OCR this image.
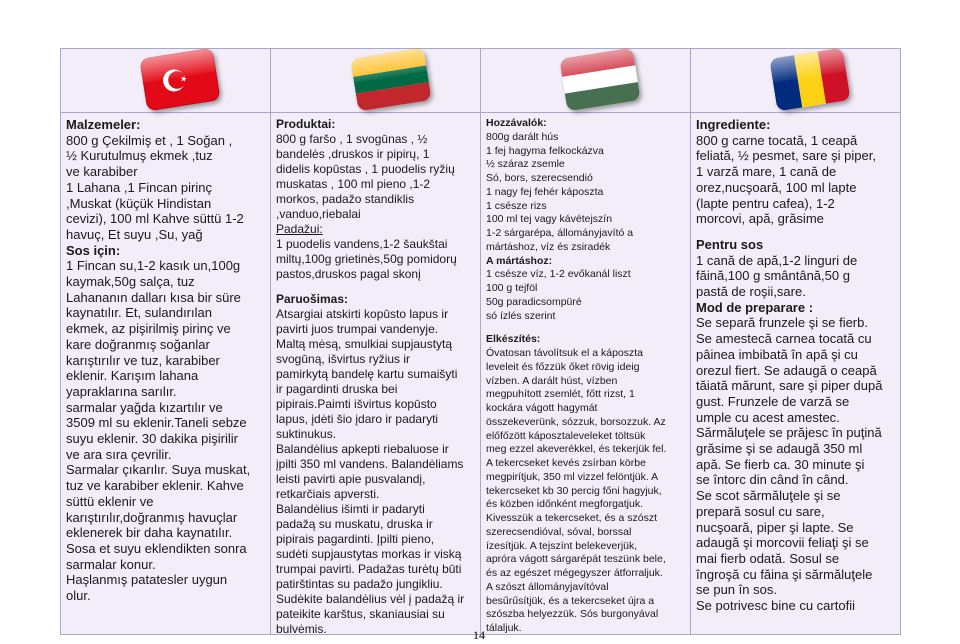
Malzemeler:

800 g Çekilmiş et , 1 Soğan ,

½ Kurutulmuş ekmek ,tuz

ve karabiber

1 Lahana ,1 Fincan pirinç

,Muskat (küçük Hindistan

cevizi), 100 ml Kahve süttü 1-2

havuç, Et suyu ,Su, yağ

Sos için:

1 Fincan su,1-2 kasık un,100g

kaymak,50g salça, tuz

Lahananın dalları kısa bir süre

kaynatılır. Et, sulandırılan

ekmek, az pişirilmiş pirinç ve

kare doğranmış soğanlar

karıştırılır ve tuz, karabiber

eklenir. Karışım lahana

yapraklarına sarılır.

sarmalar yağda kızartılır ve

3509 ml su eklenir.Taneli sebze

suyu eklenir. 30 dakika pişirilir

ve ara sıra çevrilir.

Sarmalar çıkarılır. Suya muskat,

tuz ve karabiber eklenir. Kahve

süttü eklenir ve

karıştırılır,doğranmış havuçlar

eklenerek bir daha kaynatılır.

Sosa et suyu eklendikten sonra

sarmalar konur.

Haşlanmış patatesler uygun

olur.

Produktai:

800 g faršo , 1 svogūnas , ½

bandelės ,druskos ir pipirų, 1

didelis kopūstas , 1 puodelis ryžių

muskatas , 100 ml pieno ,1-2

morkos, padažo standiklis

,vanduo,riebalai

Padažui:

1 puodelis vandens,1-2 šaukštai

miltų,100g grietinės,50g pomidorų

pastos,druskos pagal skonį

Paruošimas:

Atsargiai atskirti kopūsto lapus ir

pavirti juos trumpai vandenyje.

Maltą mėsą, smulkiai supjaustytą

svogūną, išvirtus ryžius ir

pamirkytą bandelę kartu sumaišyti

ir pagardinti druska bei

pipirais.Paimti išvirtus kopūsto

lapus, įdėti šio įdaro ir padaryti

suktinukus.

Balandėlius apkepti riebaluose ir

įpilti 350 ml vandens. Balandėliams

leisti pavirti apie pusvalandį,

retkarčiais apversti.

Balandėlius išimti ir padaryti

padažą su muskatu, druska ir

pipirais pagardinti. Įpilti pieno,

sudėti supjaustytas morkas ir viską

trumpai pavirti. Padažas turėtų būti

patirštintas su padažo jungikliu.

Sudėkite balandėlius vėl į padažą ir

pateikite karštus, skaniausiai su

bulvėmis.

Hozzávalók:

800g darált hús

1 fej hagyma felkockázva

½ száraz zsemle

Só, bors, szerecsendió

1 nagy fej fehér káposzta

1 csésze rizs

100 ml tej vagy kávétejszín

1-2 sárgarépa, állományjavító a

mártáshoz, víz és zsiradék

A mártáshoz:

1 csésze víz, 1-2 evőkanál liszt

100 g tejföl

50g paradicsompüré

só ízlés szerint

Elkészítés:

Óvatosan távolítsuk el a káposzta

leveleit és főzzük őket rövig ideig

vízben. A darált húst, vízben

megpuhított zsemlét, főtt rizst, 1

kockára vágott hagymát

összekeverünk, sózzuk, borsozzuk. Az

előfőzött káposztaleveleket töltsük

meg ezzel akeverékkel, és tekerjük fel.

A tekercseket kevés zsírban körbe

megpirítjuk, 350 ml vizzel felöntjük. A

tekercseket kb 30 percig főni hagyjuk,

és közben időnként megforgatjuk.

Kivesszük a tekercseket, és a szószt

szerecsendióval, sóval, borssal

ízesítjük. A tejszínt belekeverjük,

apróra vágott sárgarépát teszünk bele,

és az egészet mégegyszer átforraljuk.

A szószt állományjavítóval

besűrűsítjük, és a tekercseket újra a

szószba helyezzük. Sós burgonyával

tálaljuk.

Ingrediente:

800 g carne tocată, 1 ceapă

feliată, ½ pesmet, sare şi piper,

1 varză mare, 1 cană de

orez,nucşoară, 100 ml lapte

(lapte pentru cafea), 1-2

morcovi, apă, grăsime

Pentru sos

1 cană de apă,1-2 linguri de

făină,100 g smântână,50 g

pastă de roşii,sare.

Mod de preparare :

Se separă frunzele şi se fierb.

Se amestecă carnea tocată cu

pâinea imbibată în apă şi cu

orezul fiert. Se adaugă o ceapă

tăiată mărunt, sare şi piper după

gust. Frunzele de varză se

umple cu acest amestec.

Sărmăluţele se prăjesc în puţină

grăsime şi se adaugă 350 ml

apă. Se fierb ca. 30 minute şi

se întorc din când în când.

Se scot sărmăluţele şi se

prepară sosul cu sare,

nucşoară, piper şi lapte. Se

adaugă şi morcovii feliaţi şi se

mai fierb odată. Sosul se

îngroşă cu făina şi sărmăluţele

se pun în sos.

Se potrivesc bine cu cartofii

14
